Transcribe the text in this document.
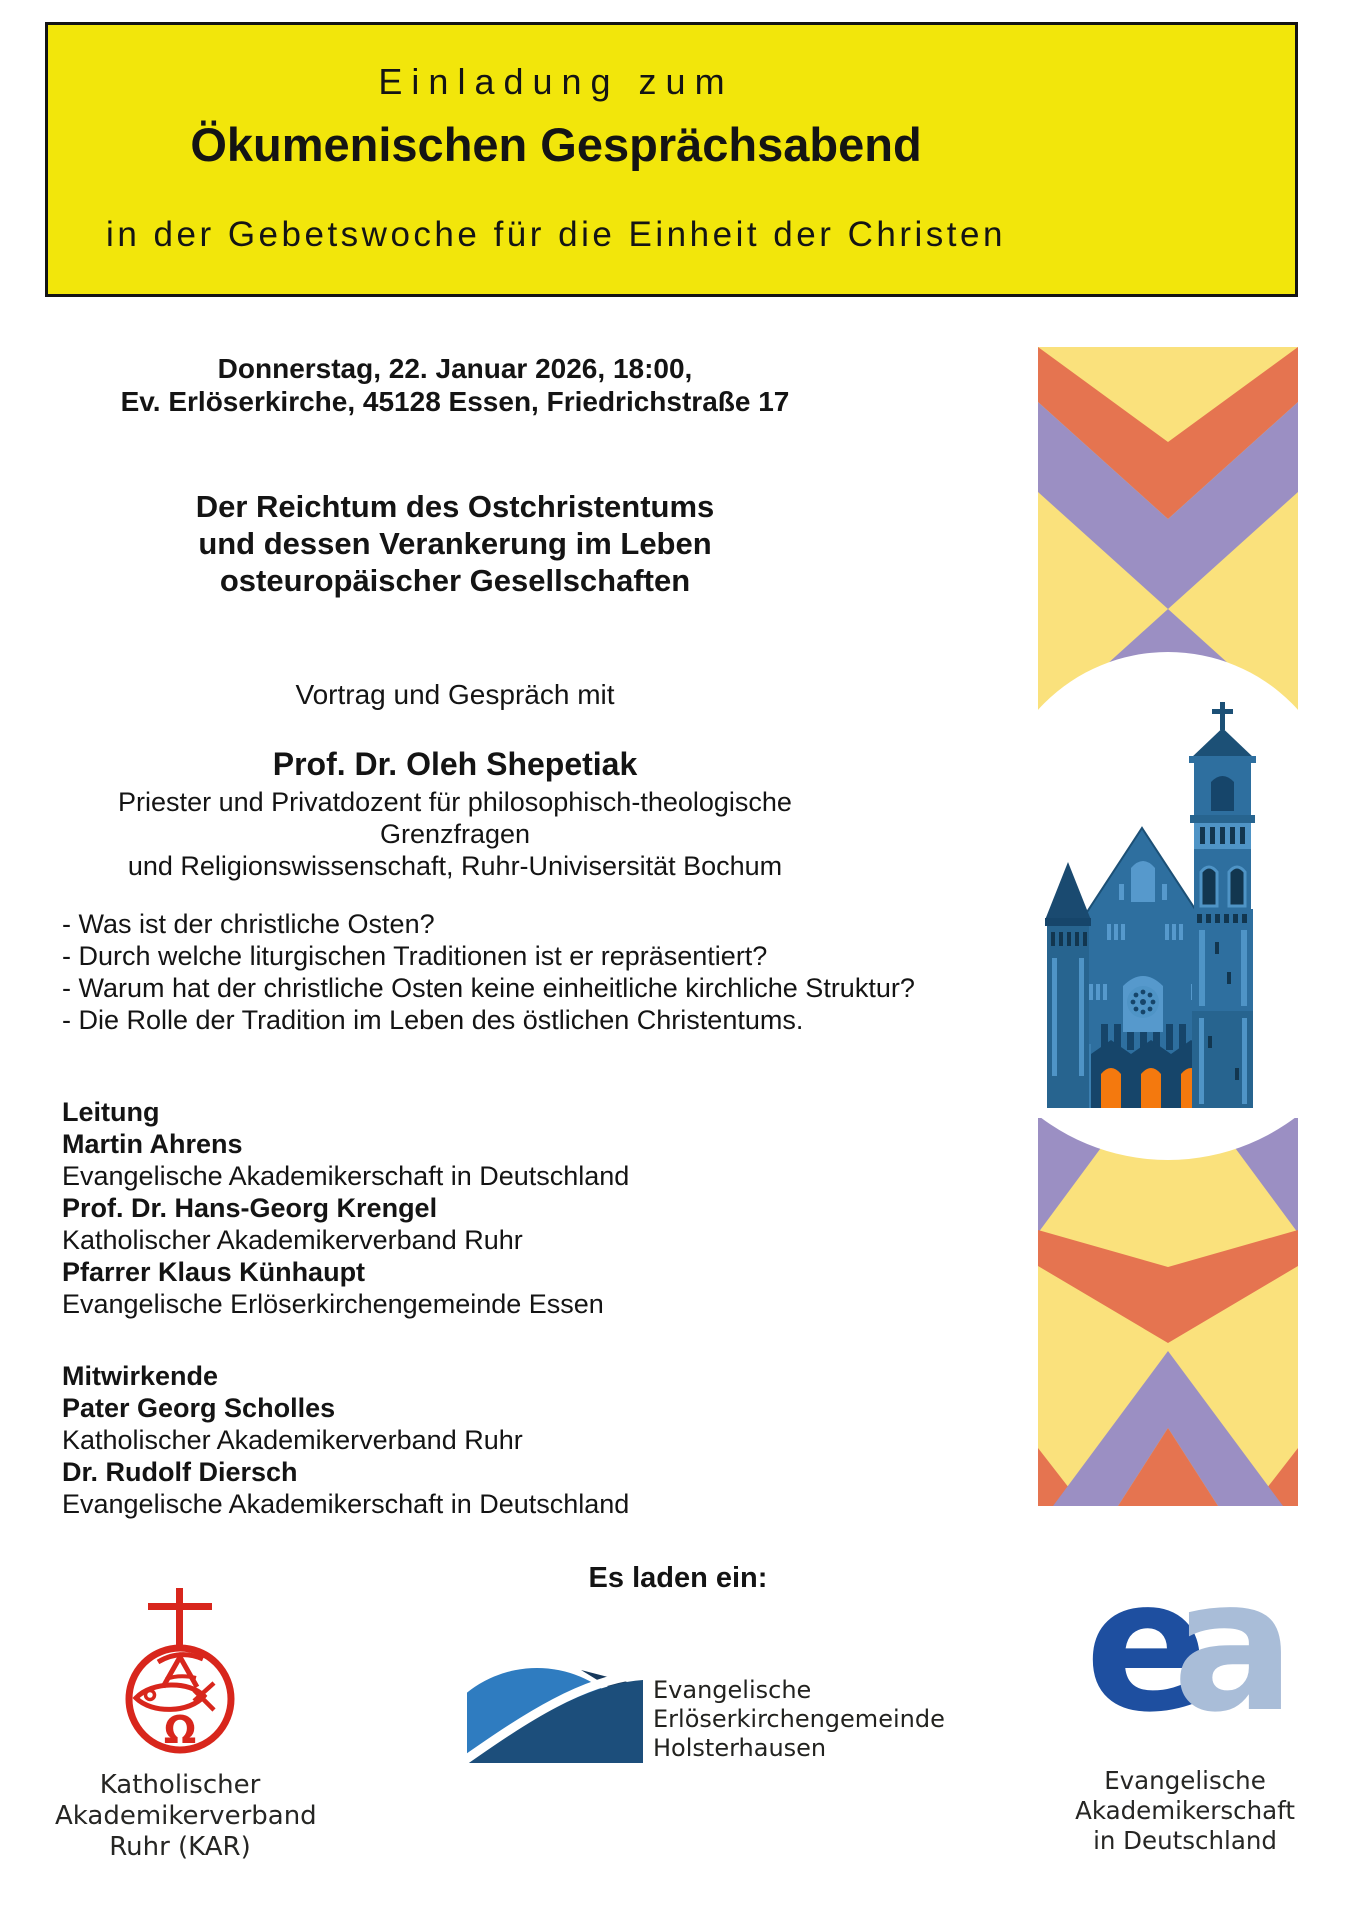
Einladung zum
Ökumenischen Gesprächsabend
in der Gebetswoche für die Einheit der Christen
Donnerstag, 22. Januar 2026, 18:00,
Ev. Erlöserkirche, 45128 Essen, Friedrichstraße 17
Der Reichtum des Ostchristentums
und dessen Verankerung im Leben
osteuropäischer Gesellschaften
Vortrag und Gespräch mit
Prof. Dr. Oleh Shepetiak
Priester und Privatdozent für philosophisch-theologische Grenzfragen
und Religionswissenschaft, Ruhr-Univisersität Bochum
- Was ist der christliche Osten?
- Durch welche liturgischen Traditionen ist er repräsentiert?
- Warum hat der christliche Osten keine einheitliche kirchliche Struktur?
- Die Rolle der Tradition im Leben des östlichen Christentums.
Leitung
Martin Ahrens
Evangelische Akademikerschaft in Deutschland
Prof. Dr. Hans-Georg Krengel
Katholischer Akademikerverband Ruhr
Pfarrer Klaus Künhaupt
Evangelische Erlöserkirchengemeinde Essen
Mitwirkende
Pater Georg Scholles
Katholischer Akademikerverband Ruhr
Dr. Rudolf Diersch
Evangelische Akademikerschaft in Deutschland
Es laden ein:
Ω
Katholischer
Akademikerverband
Ruhr (KAR)
Evangelische
Erlöserkirchengemeinde
Holsterhausen	ea
Evangelische
Akademikerschaft
in Deutschland
